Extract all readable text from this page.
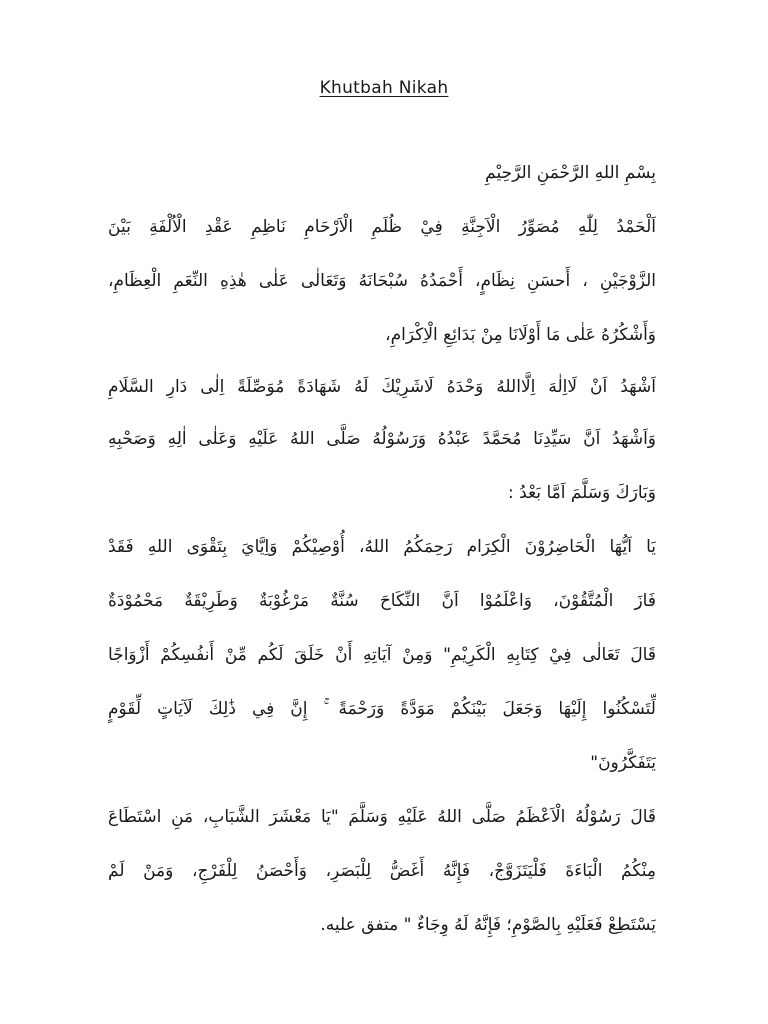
Khutbah Nikah
بِسْمِ اللهِ الرَّحْمَنِ الرَّحِيْمِ
اَلْحَمْدُ لِلّٰهِ مُصَوِّرُ الْاَجِنَّةِ فِيْ ظُلَمِ الْاَرْحَامِ نَاظِمِ عَقْدِ الْاُلْفَةِ بَيْنَ
الزَّوْجَيْنِ ، أَحسَنِ نِظَامٍ، أَحْمَدُهُ سُبْحَانَهُ وَتَعَالٰى عَلٰى هٰذِهِ النِّعَمِ الْعِظَامِ،
وَأَشْكُرُهُ عَلٰى مَا أَوْلَانَا مِنْ بَدَائِعِ الْاِكْرَامِ،
اَشْهَدُ اَنْ لَااِلٰهَ اِلَّااللهُ وَحْدَهُ لَاشَرِيْكَ لَهُ شَهَادَةً مُوَصِّلَةً اِلٰى دَارِ السَّلَامِ
وَاَشْهَدُ اَنَّ سَيِّدِنَا مُحَمَّدً عَبْدُهُ وَرَسُوْلُهُ صَلَّى اللهُ عَلَيْهِ وَعَلٰى اٰلِهِ وَصَحْبِهِ
وَبَارَكَ وَسَلَّمَ اَمَّا بَعْدُ :
يَا اَيُّهَا الْحَاضِرُوْنَ الْكِرَام رَحِمَكُمُ اللهُ، أُوْصِيْكُمْ وَاِيَّايَ بِتَقْوَى اللهِ فَقَدْ
فَازَ الْمُتَّقُوْنَ، وَاعْلَمُوْا اَنَّ النِّكَاحَ سُنَّةٌ مَرْغُوْبَةٌ وَطَرِيْقَةٌ مَحْمُوْدَةٌ
قَالَ تَعَالٰى فِيْ كِتَابِهِ الْكَرِيْمِ" وَمِنْ آيَاتِهِ أَنْ خَلَقَ لَكُم مِّنْ أَنفُسِكُمْ أَزْوَاجًا
لِّتَسْكُنُوا إِلَيْهَا وَجَعَلَ بَيْنَكُمْ مَوَدَّةً وَرَحْمَةً ۚ إِنَّ فِي ذَٰلِكَ لَآيَاتٍ لِّقَوْمٍ
يَتَفَكَّرُونَ"
قَالَ رَسُوْلُهُ الْاَعْظَمُ صَلَّى اللهُ عَلَيْهِ وَسَلَّمَ "يَا مَعْشَرَ الشَّبَابِ، مَنِ اسْتَطَاعَ
مِنْكُمُ الْبَاءَةَ فَلْيَتَزَوَّجْ، فَإِنَّهُ أَغَضُّ لِلْبَصَرِ، وَأَحْصَنُ لِلْفَرْجِ، وَمَنْ لَمْ
يَسْتَطِعْ فَعَلَيْهِ بِالصَّوْمِ؛ فَإِنَّهُ لَهُ وِجَاءٌ " متفق عليه.
